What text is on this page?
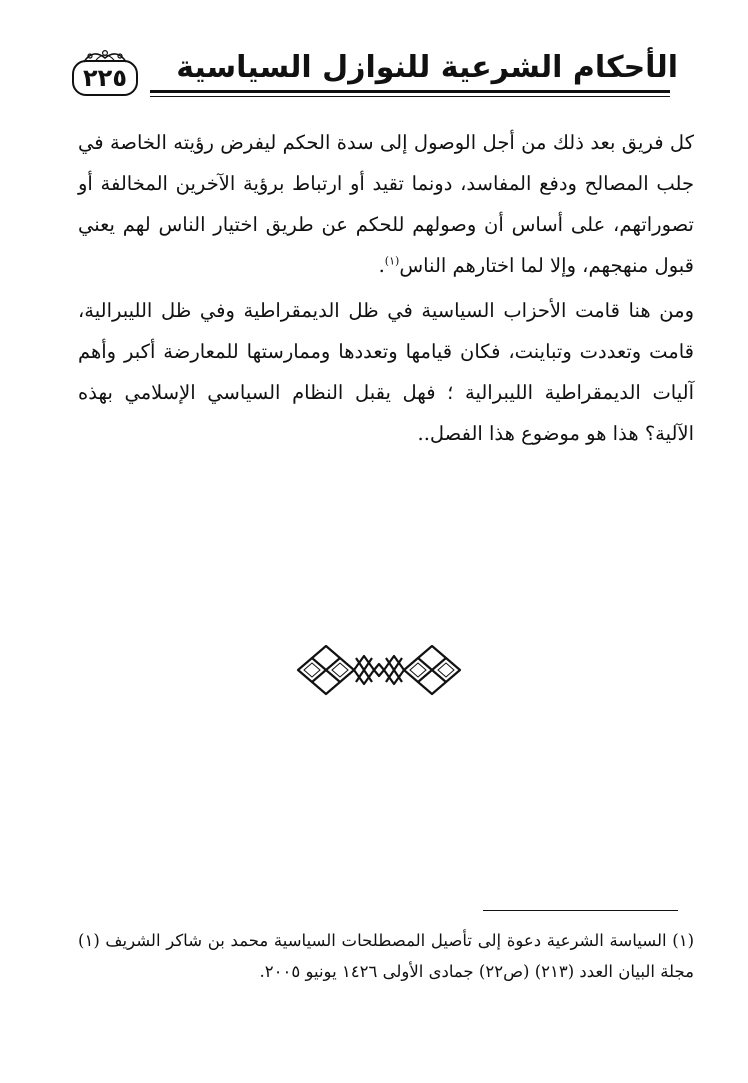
الأحكام الشرعية للنوازل السياسية
٢٢٥

كل فريق بعد ذلك من أجل الوصول إلى سدة الحكم ليفرض رؤيته الخاصة في جلب المصالح ودفع المفاسد، دونما تقيد أو ارتباط برؤية الآخرين المخالفة أو تصوراتهم، على أساس أن وصولهم للحكم عن طريق اختيار الناس لهم يعني قبول منهجهم، وإلا لما اختارهم الناس$^{(١)}$.

ومن هنا قامت الأحزاب السياسية في ظل الديمقراطية وفي ظل الليبرالية، قامت وتعددت وتباينت، فكان قيامها وتعددها وممارستها للمعارضة أكبر وأهم آليات الديمقراطية الليبرالية ؛ فهل يقبل النظام السياسي الإسلامي بهذه الآلية؟ هذا هو موضوع هذا الفصل..

(١) السياسة الشرعية دعوة إلى تأصيل المصطلحات السياسية محمد بن شاكر الشريف (١) مجلة البيان العدد (٢١٣) (ص٢٢) جمادى الأولى ١٤٢٦ يونيو ٢٠٠٥.
